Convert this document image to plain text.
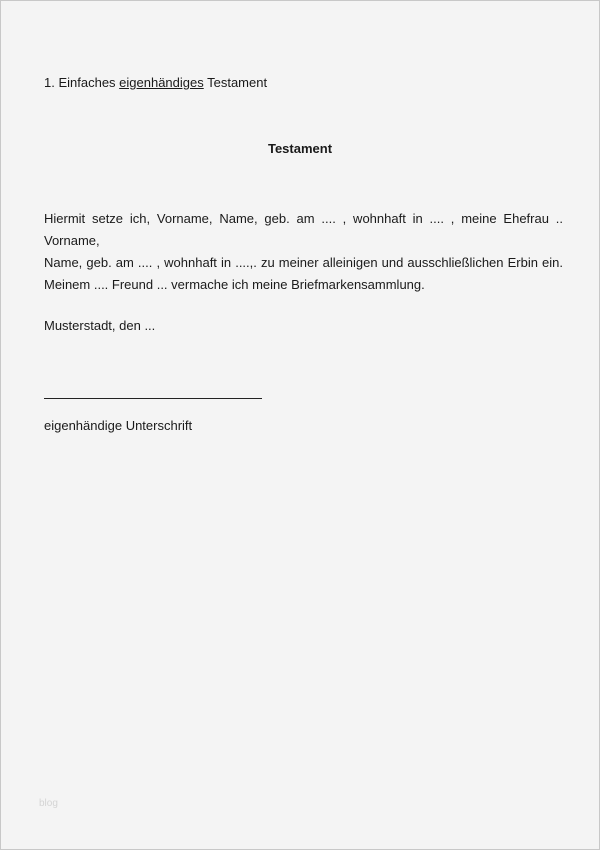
1. Einfaches eigenhändiges Testament
Testament
Hiermit setze ich, Vorname, Name, geb. am .... , wohnhaft in .... , meine Ehefrau .. Vorname,
Name, geb. am .... , wohnhaft in ....,. zu meiner alleinigen und ausschließlichen Erbin ein.
Meinem .... Freund ... vermache ich meine Briefmarkensammlung.
Musterstadt, den ...
eigenhändige Unterschrift
blog
